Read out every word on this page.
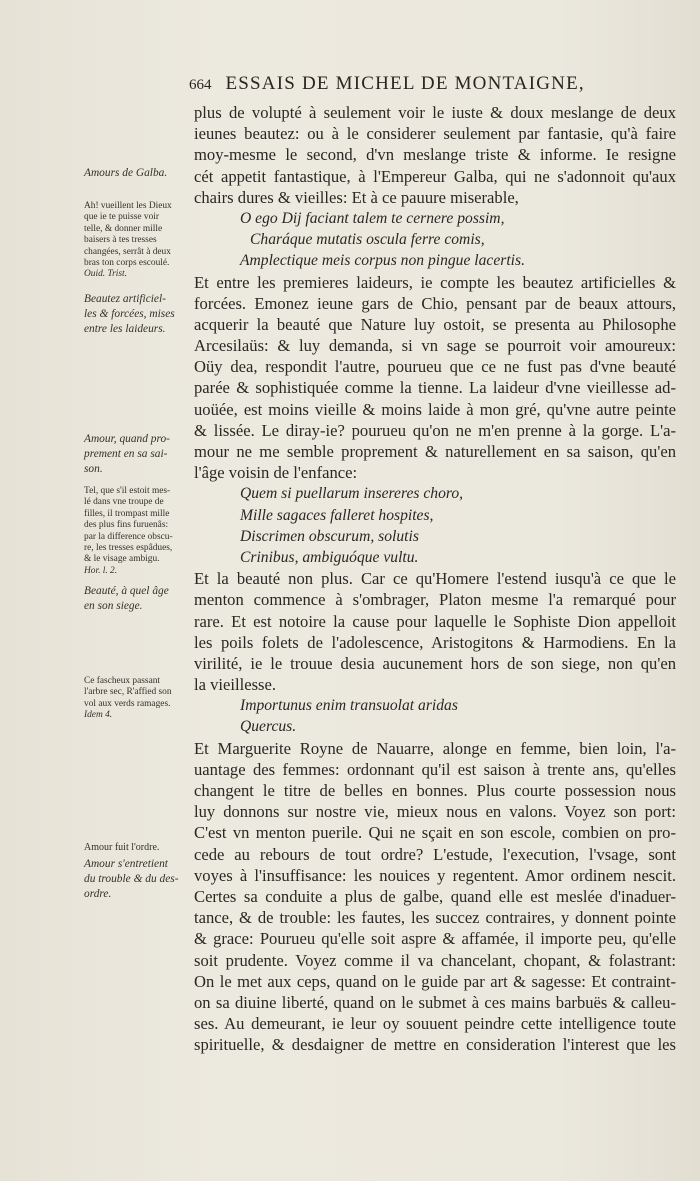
664 ESSAIS DE MICHEL DE MONTAIGNE,
plus de volupté à seulement voir le iuste & doux meslange de deux
ieunes beautez: ou à le considerer seulement par fantasie, qu'à faire
moy-mesme le second, d'vn meslange triste & informe. Ie resigne
cét appetit fantastique, à l'Empereur Galba, qui ne s'adonnoit qu'aux
chairs dures & vieilles: Et à ce pauure miserable,
O ego Dij faciant talem te cernere possim,
Charáque mutatis oscula ferre comis,
Amplectique meis corpus non pingue lacertis.
Et entre les premieres laideurs, ie compte les beautez artificielles &
forcées. Emonez ieune gars de Chio, pensant par de beaux attours,
acquerir la beauté que Nature luy ostoit, se presenta au Philosophe
Arcesilaüs: & luy demanda, si vn sage se pourroit voir amoureux:
Oüy dea, respondit l'autre, pourueu que ce ne fust pas d'vne beauté
parée & sophistiquée comme la tienne. La laideur d'vne vieillesse ad-
uoüée, est moins vieille & moins laide à mon gré, qu'vne autre peinte
& lissée. Le diray-ie? pourueu qu'on ne m'en prenne à la gorge. L'a-
mour ne me semble proprement & naturellement en sa saison, qu'en
l'âge voisin de l'enfance:
Quem si puellarum insereres choro,
Mille sagaces falleret hospites,
Discrimen obscurum, solutis
Crinibus, ambiguóque vultu.
Et la beauté non plus. Car ce qu'Homere l'estend iusqu'à ce que le
menton commence à s'ombrager, Platon mesme l'a remarqué pour
rare. Et est notoire la cause pour laquelle le Sophiste Dion appelloit
les poils folets de l'adolescence, Aristogitons & Harmodiens. En la
virilité, ie le trouue desia aucunement hors de son siege, non qu'en
la vieillesse.
Importunus enim transuolat aridas
Quercus.
Et Marguerite Royne de Nauarre, alonge en femme, bien loin, l'a-
uantage des femmes: ordonnant qu'il est saison à trente ans, qu'elles
changent le titre de belles en bonnes. Plus courte possession nous
luy donnons sur nostre vie, mieux nous en valons. Voyez son port:
C'est vn menton puerile. Qui ne sçait en son escole, combien on pro-
cede au rebours de tout ordre? L'estude, l'execution, l'vsage, sont
voyes à l'insuffisance: les nouices y regentent. Amor ordinem nescit.
Certes sa conduite a plus de galbe, quand elle est meslée d'inaduer-
tance, & de trouble: les fautes, les succez contraires, y donnent pointe
& grace: Pourueu qu'elle soit aspre & affamée, il importe peu, qu'elle
soit prudente. Voyez comme il va chancelant, chopant, & folastrant:
On le met aux ceps, quand on le guide par art & sagesse: Et contraint-
on sa diuine liberté, quand on le submet à ces mains barbuës & calleu-
ses. Au demeurant, ie leur oy souuent peindre cette intelligence toute
spirituelle, & desdaigner de mettre en consideration l'interest que les
Amours de Galba.
Ah! vueillent les Dieux
que ie te puisse voir
telle, & donner mille
baisers à tes tresses
changées, serrât à deux
bras ton corps escoulé.
Ouid. Trist.
Beautez artificiel-
les & forcées, mises
entre les laideurs.
Amour, quand pro-
prement en sa sai-
son.
Tel, que s'il estoit mes-
lé dans vne troupe de
filles, il trompast mille
des plus fins furuenâs:
par la difference obscu-
re, les tresses espâdues,
& le visage ambigu.
Hor. l. 2.
Beauté, à quel âge
en son siege.
Ce fascheux passant
l'arbre sec, R'affied son
vol aux verds ramages.
Idem 4.
Amour fuit l'ordre.
Amour s'entretient
du trouble & du des-
ordre.
